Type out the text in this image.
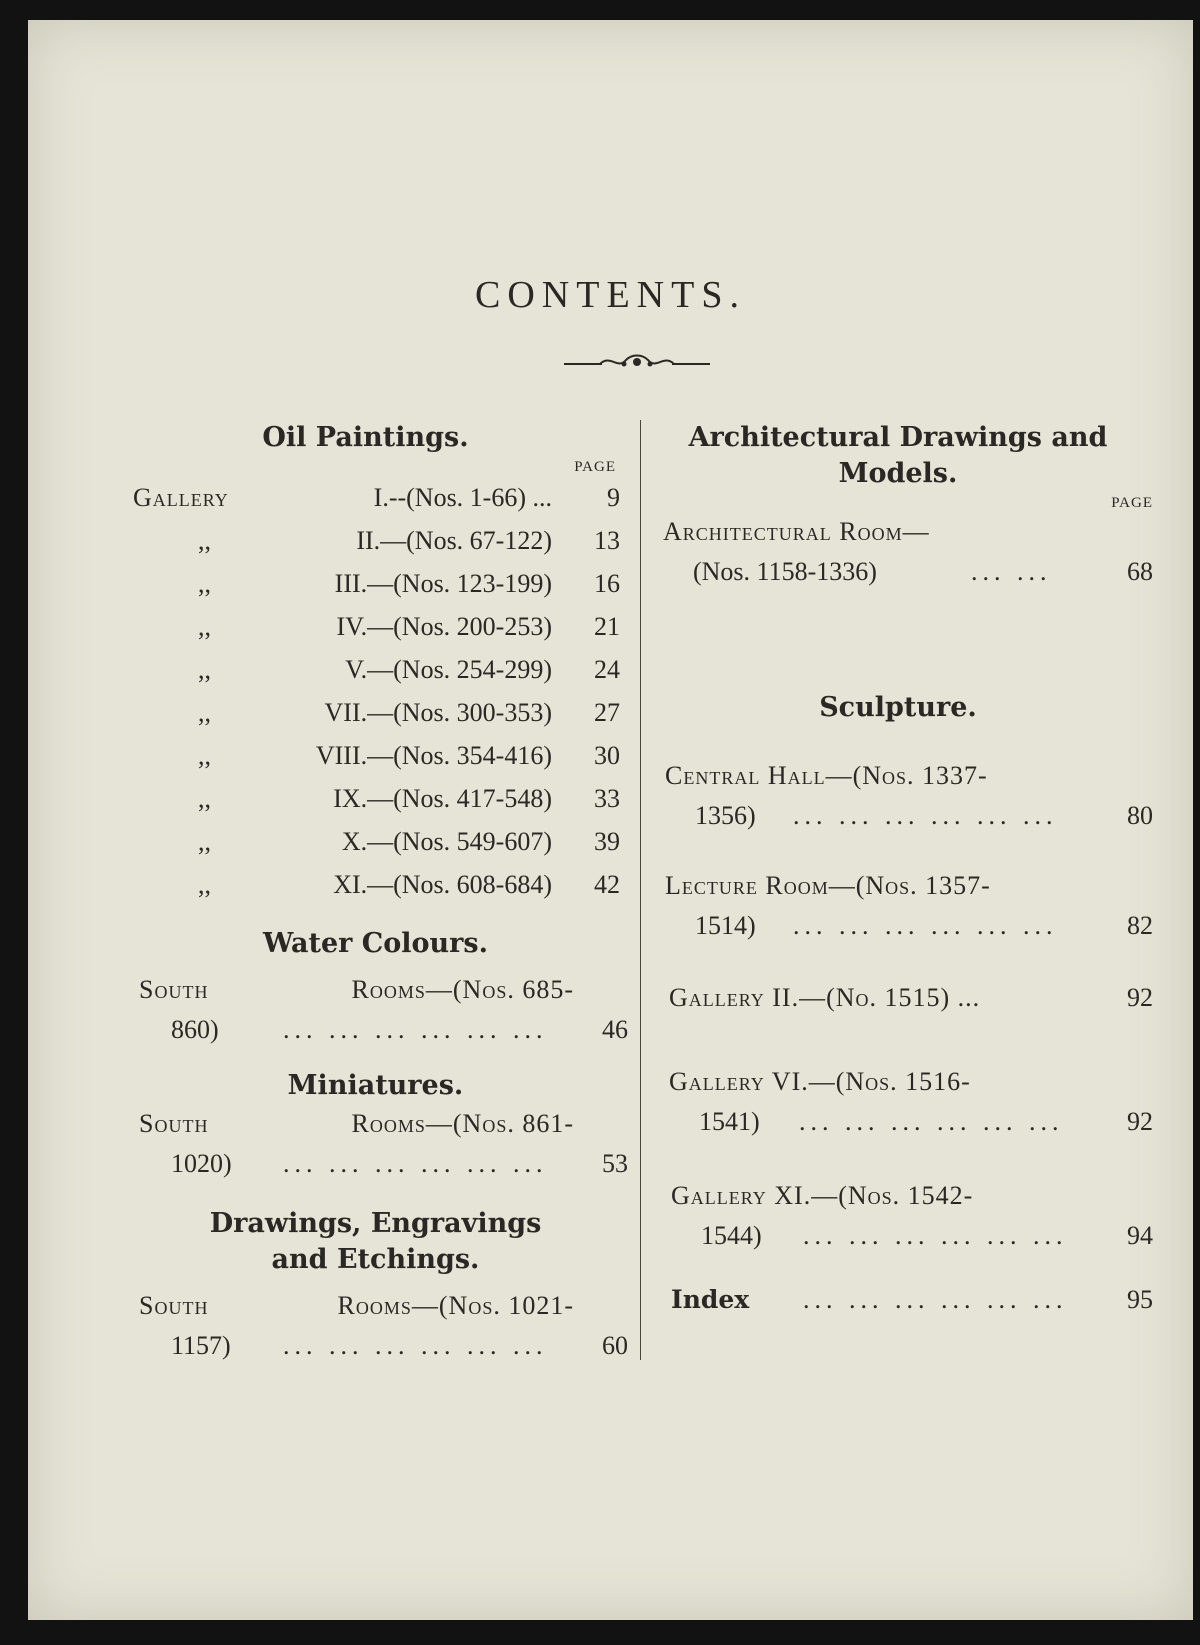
CONTENTS.
Oil Paintings.
PAGE
Gallery	I.--(Nos. 1-66) ... 9
,,	II.—(Nos. 67-122) 13
,,	III.—(Nos. 123-199) 16
,,	IV.—(Nos. 200-253) 21
,,	V.—(Nos. 254-299) 24
,,	VII.—(Nos. 300-353) 27
,,	VIII.—(Nos. 354-416) 30
,,	IX.—(Nos. 417-548) 33
,,	X.—(Nos. 549-607) 39
,,	XI.—(Nos. 608-684) 42
Water Colours.
South	Rooms—(Nos. 685-
860) ... ... ... ... ... ... 46
Miniatures.
South	Rooms—(Nos. 861-
1020) ... ... ... ... ... ... 53
Drawings, Engravings
and Etchings.
South	Rooms—(Nos. 1021-
1157) ... ... ... ... ... ... 60
Architectural Drawings and
Models.
PAGE
Architectural Room—
(Nos. 1158-1336)	... ...	68
Sculpture.
Central Hall—(Nos. 1337-
1356) ... ... ... ... ... ...	80
Lecture Room—(Nos. 1357-
1514) ... ... ... ... ... ...	82
Gallery II.—(No. 1515) ...	92
Gallery VI.—(Nos. 1516-
1541) ... ... ... ... ... ... 92
Gallery XI.—(Nos. 1542-
1544) ... ... ... ... ... ... 94
Index ... ... ... ... ... ... 95
